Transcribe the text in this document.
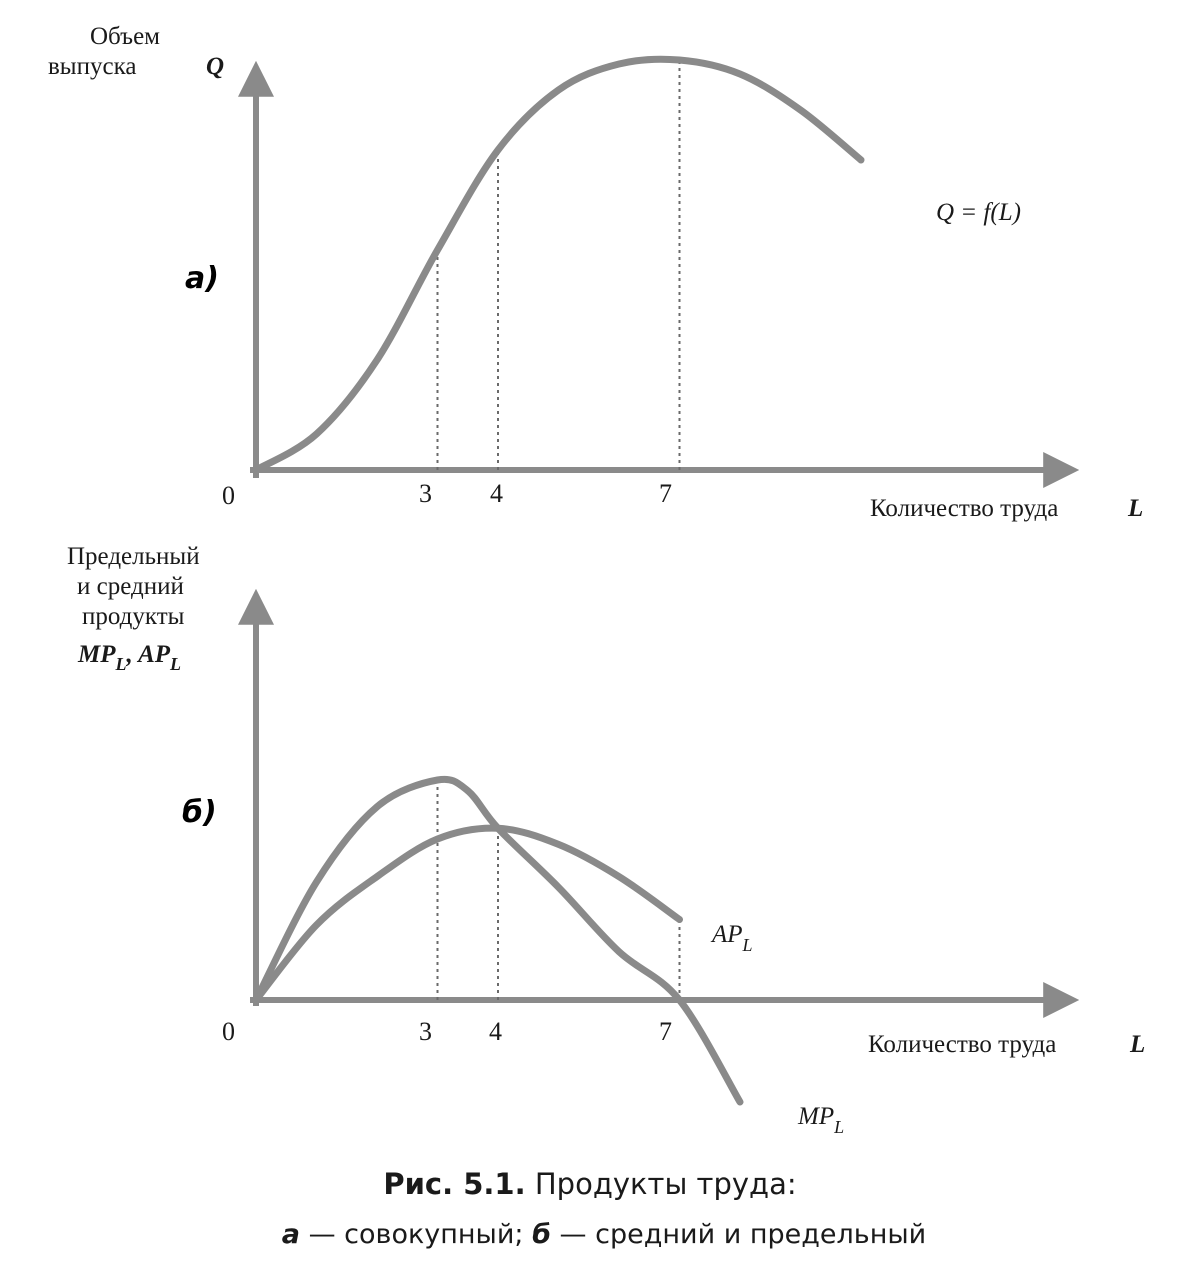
Объем
выпуска	Q
а)
0	3 4	7
Количество труда	L
Q = f(L)
Предельный
и средний
продукты
$MP_L$, $AP_L$
б)
0	3 4	7	Количество труда	L
$AP_L$
$MP_L$
Рис. 5.1. Продукты труда:
а — совокупный; б — средний и предельный
